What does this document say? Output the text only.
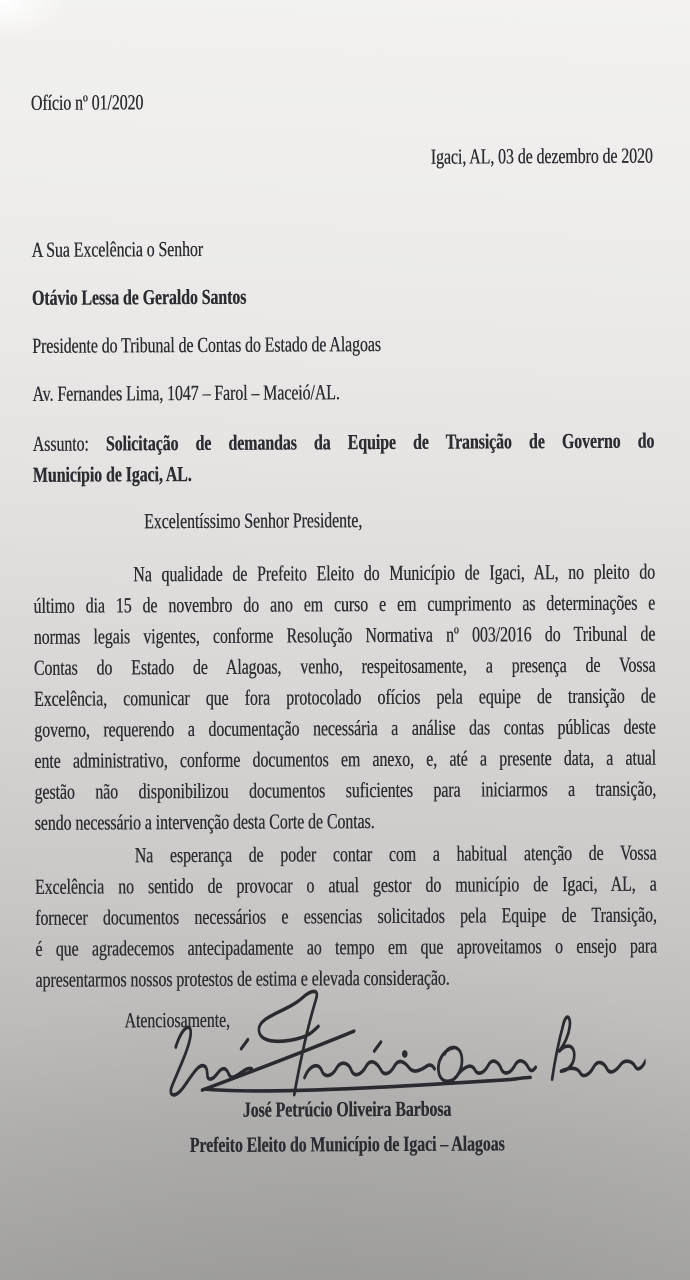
Ofício nº 01/2020
Igaci, AL, 03 de dezembro de 2020
A Sua Excelência o Senhor
Otávio Lessa de Geraldo Santos
Presidente do Tribunal de Contas do Estado de Alagoas
Av. Fernandes Lima, 1047 – Farol – Maceió/AL.
Assunto: Solicitação de demandas da Equipe de Transição de Governo do
Município de Igaci, AL.
Excelentíssimo Senhor Presidente,
Na qualidade de Prefeito Eleito do Município de Igaci, AL, no pleito do
último dia 15 de novembro do ano em curso e em cumprimento as determinações e
normas legais vigentes, conforme Resolução Normativa nº 003/2016 do Tribunal de
Contas do Estado de Alagoas, venho, respeitosamente, a presença de Vossa
Excelência, comunicar que fora protocolado ofícios pela equipe de transição de
governo, requerendo a documentação necessária a análise das contas públicas deste
ente administrativo, conforme documentos em anexo, e, até a presente data, a atual
gestão não disponibilizou documentos suficientes para iniciarmos a transição,
sendo necessário a intervenção desta Corte de Contas.
Na esperança de poder contar com a habitual atenção de Vossa
Excelência no sentido de provocar o atual gestor do município de Igaci, AL, a
fornecer documentos necessários e essencias solicitados pela Equipe de Transição,
é que agradecemos antecipadamente ao tempo em que aproveitamos o ensejo para
apresentarmos nossos protestos de estima e elevada consideração.
Atenciosamente,
José Petrúcio Oliveira Barbosa
Prefeito Eleito do Município de Igaci – Alagoas
